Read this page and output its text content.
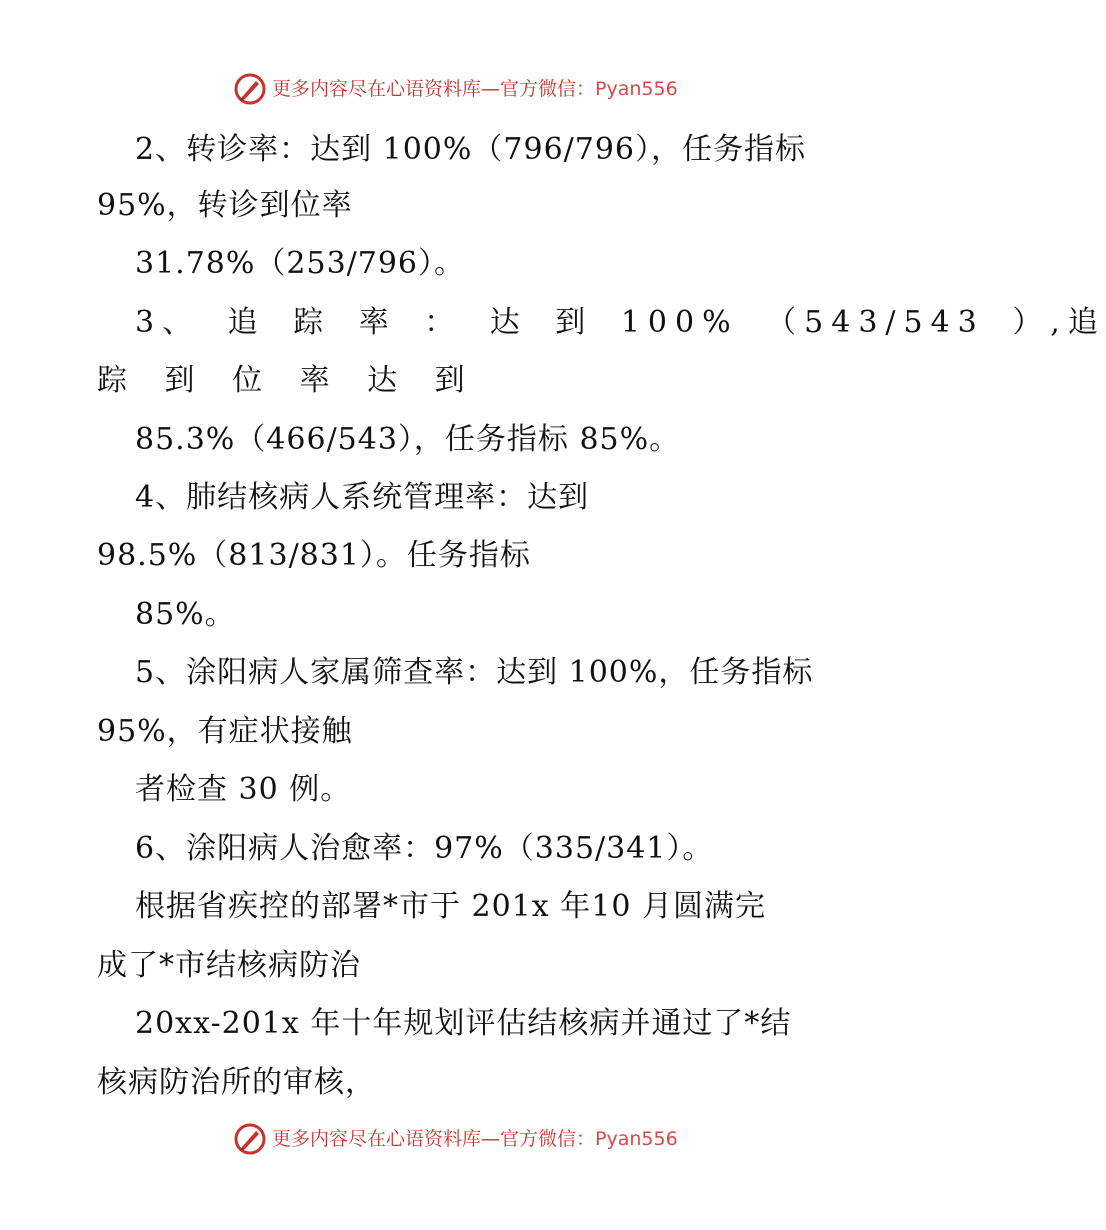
更多内容尽在心语资料库—官方微信：Pyan556
2、转诊率：达到 100%（796/796），任务指标
95%，转诊到位率
31.78%（253/796）。
3、 追 踪 率 ： 达 到 100% （543/543 ）,追
踪 到 位 率 达 到
85.3%（466/543），任务指标 85%。
4、肺结核病人系统管理率：达到
98.5%（813/831）。任务指标
85%。
5、涂阳病人家属筛查率：达到 100%，任务指标
95%，有症状接触
者检查 30 例。
6、涂阳病人治愈率：97%（335/341）。
根据省疾控的部署*市于 201x 年10 月圆满完
成了*市结核病防治
20xx-201x 年十年规划评估结核病并通过了*结
核病防治所的审核，
更多内容尽在心语资料库—官方微信：Pyan556
